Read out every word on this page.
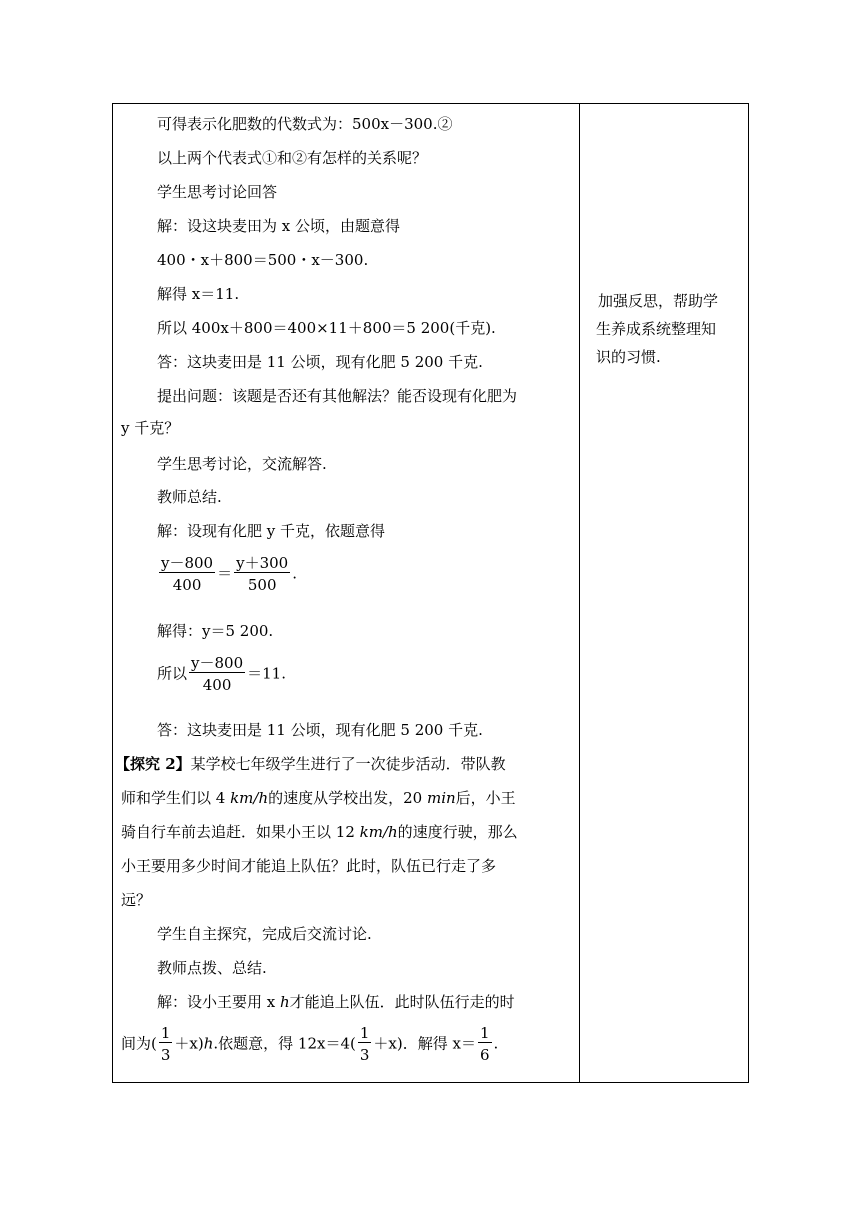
可得表示化肥数的代数式为：500x－300.②
以上两个代表式①和②有怎样的关系呢？
学生思考讨论回答
解：设这块麦田为 x 公顷，由题意得
400・x＋800＝500・x－300.
解得 x＝11.
所以 400x＋800＝400×11＋800＝5 200(千克).
答：这块麦田是 11 公顷，现有化肥 5 200 千克.
提出问题：该题是否还有其他解法？能否设现有化肥为
y 千克？
学生思考讨论，交流解答.
教师总结.
解：设现有化肥 y 千克，依题意得
$\frac{y-800}{400} = \frac{y+300}{500}$ .
解得：y＝5 200.
所以 $\frac{y-800}{400} =11$.
答：这块麦田是 11 公顷，现有化肥 5 200 千克.
【探究 2】某学校七年级学生进行了一次徒步活动．带队教
师和学生们以 4 km/h的速度从学校出发，20 min后，小王
骑自行车前去追赶．如果小王以 12 km/h的速度行驶，那么
小王要用多少时间才能追上队伍？此时，队伍已行走了多
远？
学生自主探究，完成后交流讨论.
教师点拨、总结.
解：设小王要用 x h才能追上队伍．此时队伍行走的时
间为( $\frac{1}{3} +x)h$.依题意，得 $12x=4( \frac{1}{3} +x)$．解得 $x= \frac{1}{6}$ .
加强反思，帮助学
生养成系统整理知
识的习惯.
